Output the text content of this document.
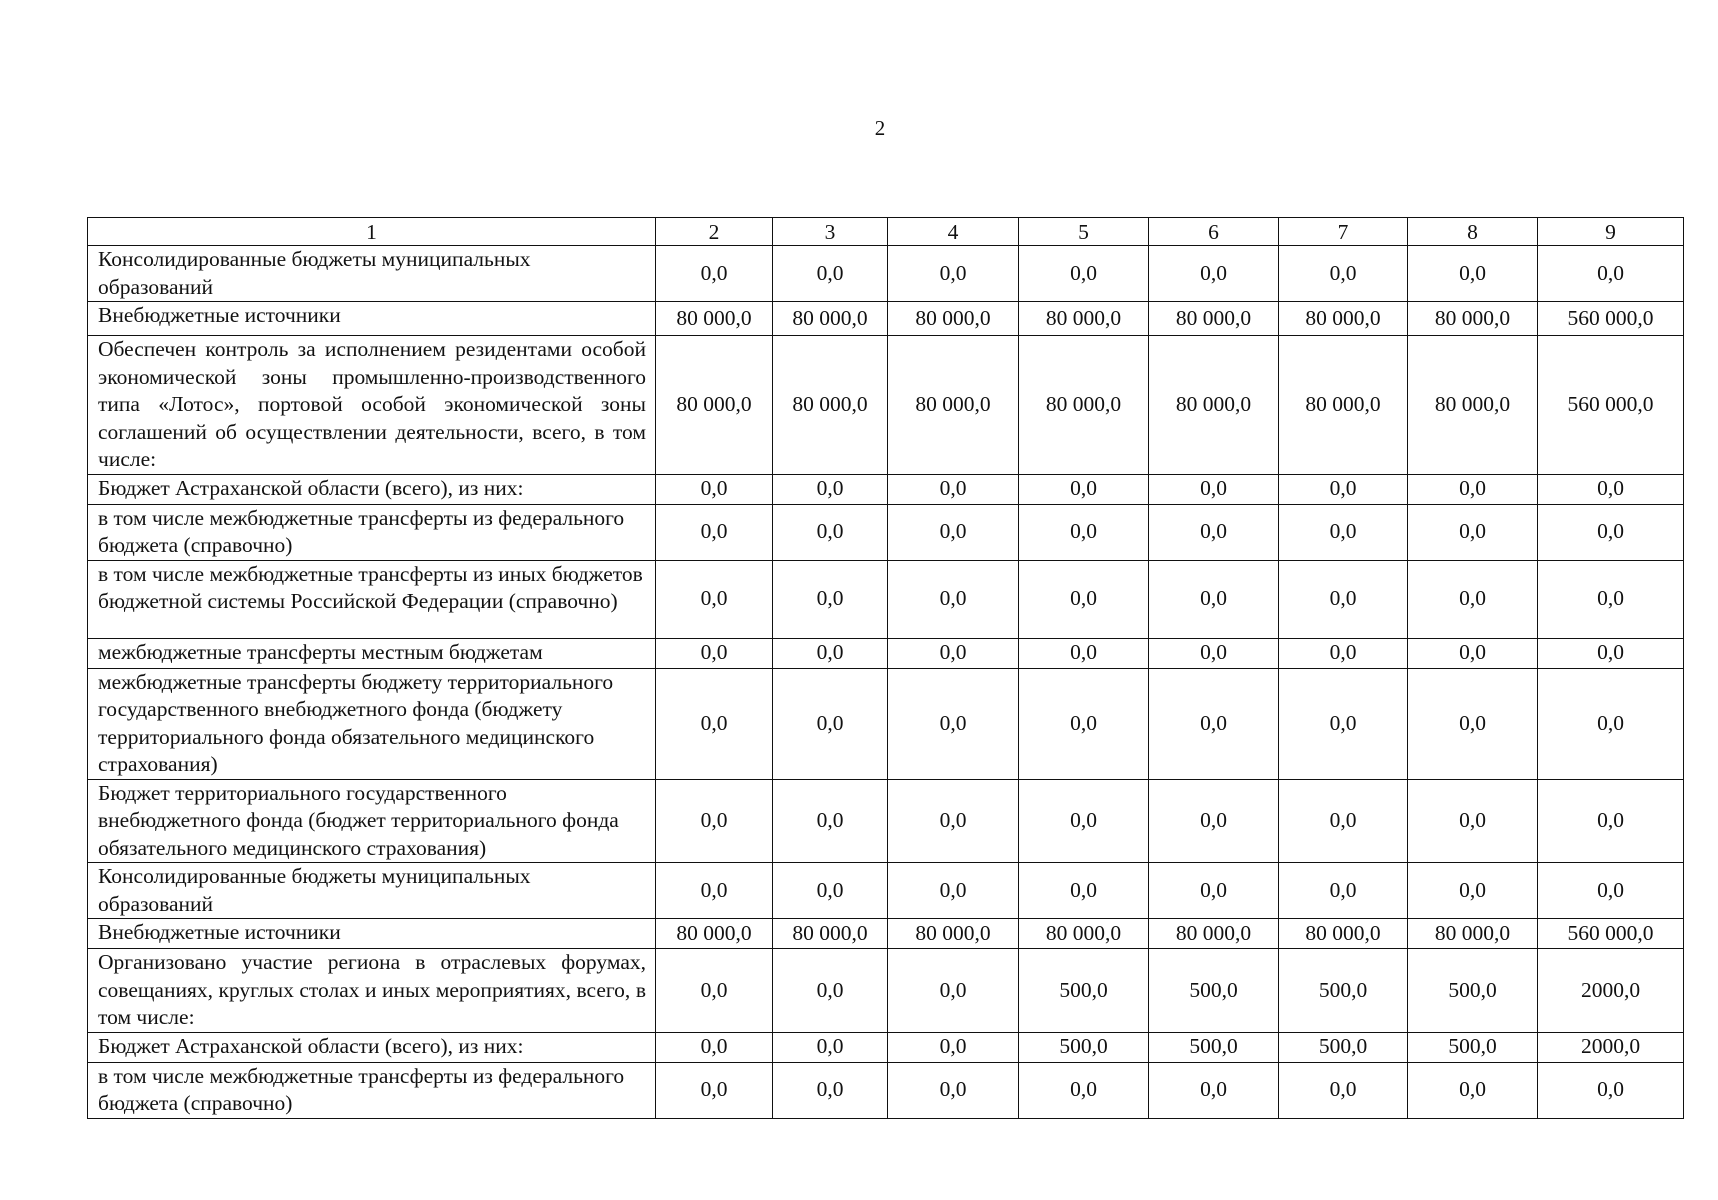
2
1	2	3	4	5	6	7	8	9
Консолидированные бюджеты муниципальных образований	0,0	0,0	0,0	0,0	0,0	0,0	0,0	0,0
Внебюджетные источники	80 000,0	80 000,0	80 000,0	80 000,0	80 000,0	80 000,0	80 000,0	560 000,0
Обеспечен контроль за исполнением резидентами особой экономической зоны промышленно-производственного типа «Лотос», портовой особой экономической зоны соглашений об осуществлении деятельности, всего, в том числе:	80 000,0	80 000,0	80 000,0	80 000,0	80 000,0	80 000,0	80 000,0	560 000,0
Бюджет Астраханской области (всего), из них:	0,0	0,0	0,0	0,0	0,0	0,0	0,0	0,0
в том числе межбюджетные трансферты из федерального бюджета (справочно)	0,0	0,0	0,0	0,0	0,0	0,0	0,0	0,0
в том числе межбюджетные трансферты из иных бюджетов бюджетной системы Российской Федерации (справочно)	0,0	0,0	0,0	0,0	0,0	0,0	0,0	0,0
межбюджетные трансферты местным бюджетам	0,0	0,0	0,0	0,0	0,0	0,0	0,0	0,0
межбюджетные трансферты бюджету территориального государственного внебюджетного фонда (бюджету территориального фонда обязательного медицинского страхования)	0,0	0,0	0,0	0,0	0,0	0,0	0,0	0,0
Бюджет территориального государственного внебюджетного фонда (бюджет территориального фонда обязательного медицинского страхования)	0,0	0,0	0,0	0,0	0,0	0,0	0,0	0,0
Консолидированные бюджеты муниципальных образований	0,0	0,0	0,0	0,0	0,0	0,0	0,0	0,0
Внебюджетные источники	80 000,0	80 000,0	80 000,0	80 000,0	80 000,0	80 000,0	80 000,0	560 000,0
Организовано участие региона в отраслевых форумах, совещаниях, круглых столах и иных мероприятиях, всего, в том числе:	0,0	0,0	0,0	500,0	500,0	500,0	500,0	2000,0
Бюджет Астраханской области (всего), из них:	0,0	0,0	0,0	500,0	500,0	500,0	500,0	2000,0
в том числе межбюджетные трансферты из федерального бюджета (справочно)	0,0	0,0	0,0	0,0	0,0	0,0	0,0	0,0
